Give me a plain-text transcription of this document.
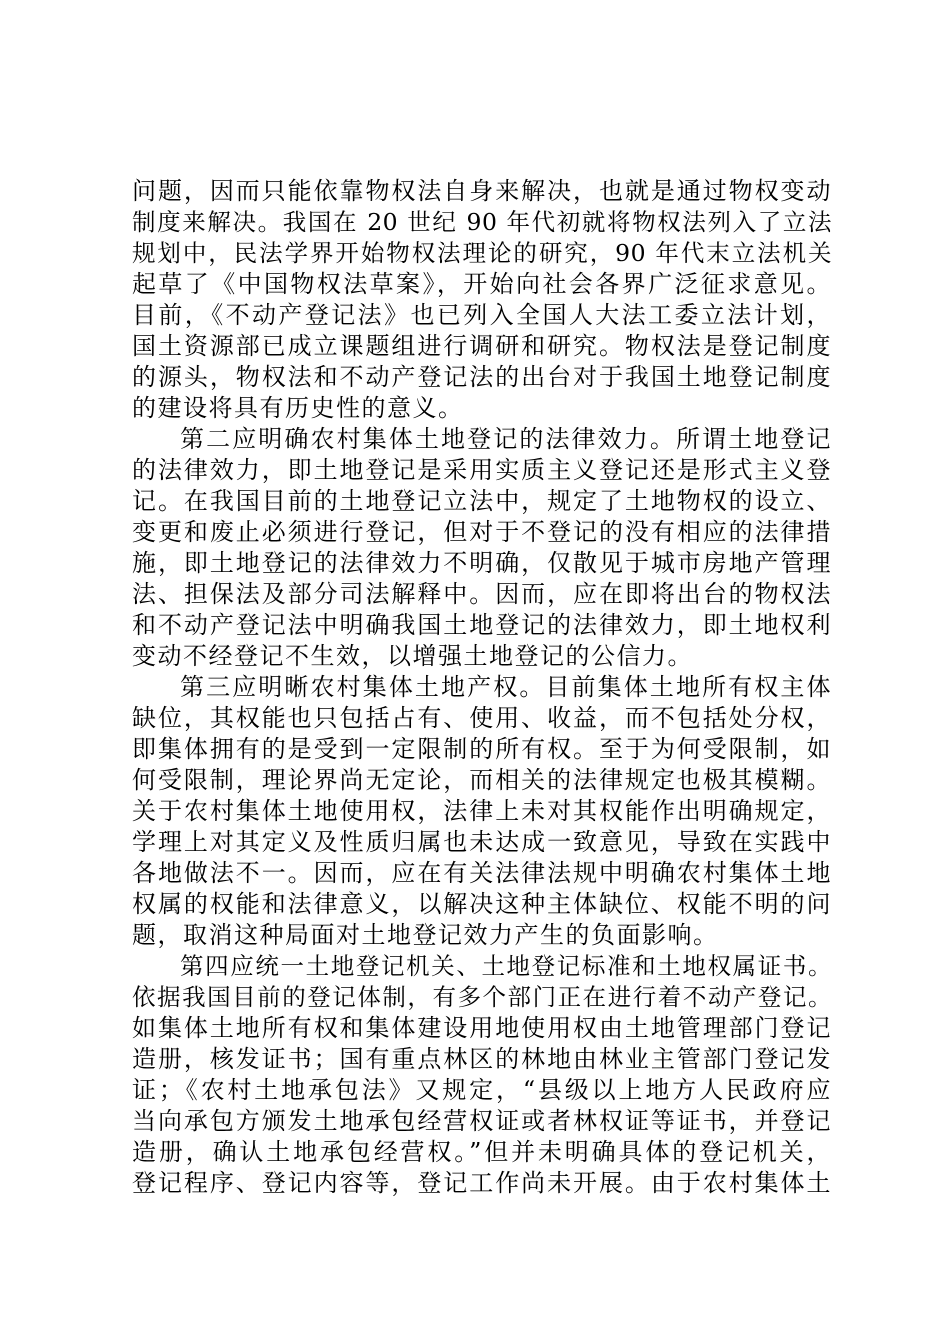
问题，因而只能依靠物权法自身来解决，也就是通过物权变动
制度来解决。我国在 20 世纪 90 年代初就将物权法列入了立法
规划中，民法学界开始物权法理论的研究，90 年代末立法机关
起草了《中国物权法草案》，开始向社会各界广泛征求意见。
目前，《不动产登记法》也已列入全国人大法工委立法计划，
国土资源部已成立课题组进行调研和研究。物权法是登记制度
的源头，物权法和不动产登记法的出台对于我国土地登记制度
的建设将具有历史性的意义。
第二应明确农村集体土地登记的法律效力。所谓土地登记
的法律效力，即土地登记是采用实质主义登记还是形式主义登
记。在我国目前的土地登记立法中，规定了土地物权的设立、
变更和废止必须进行登记，但对于不登记的没有相应的法律措
施，即土地登记的法律效力不明确，仅散见于城市房地产管理
法、担保法及部分司法解释中。因而，应在即将出台的物权法
和不动产登记法中明确我国土地登记的法律效力，即土地权利
变动不经登记不生效，以增强土地登记的公信力。
第三应明晰农村集体土地产权。目前集体土地所有权主体
缺位，其权能也只包括占有、使用、收益，而不包括处分权，
即集体拥有的是受到一定限制的所有权。至于为何受限制，如
何受限制，理论界尚无定论，而相关的法律规定也极其模糊。
关于农村集体土地使用权，法律上未对其权能作出明确规定，
学理上对其定义及性质归属也未达成一致意见，导致在实践中
各地做法不一。因而，应在有关法律法规中明确农村集体土地
权属的权能和法律意义，以解决这种主体缺位、权能不明的问
题，取消这种局面对土地登记效力产生的负面影响。
第四应统一土地登记机关、土地登记标准和土地权属证书。
依据我国目前的登记体制，有多个部门正在进行着不动产登记。
如集体土地所有权和集体建设用地使用权由土地管理部门登记
造册，核发证书；国有重点林区的林地由林业主管部门登记发
证；《农村土地承包法》又规定，“县级以上地方人民政府应
当向承包方颁发土地承包经营权证或者林权证等证书，并登记
造册，确认土地承包经营权。”但并未明确具体的登记机关，
登记程序、登记内容等，登记工作尚未开展。由于农村集体土
